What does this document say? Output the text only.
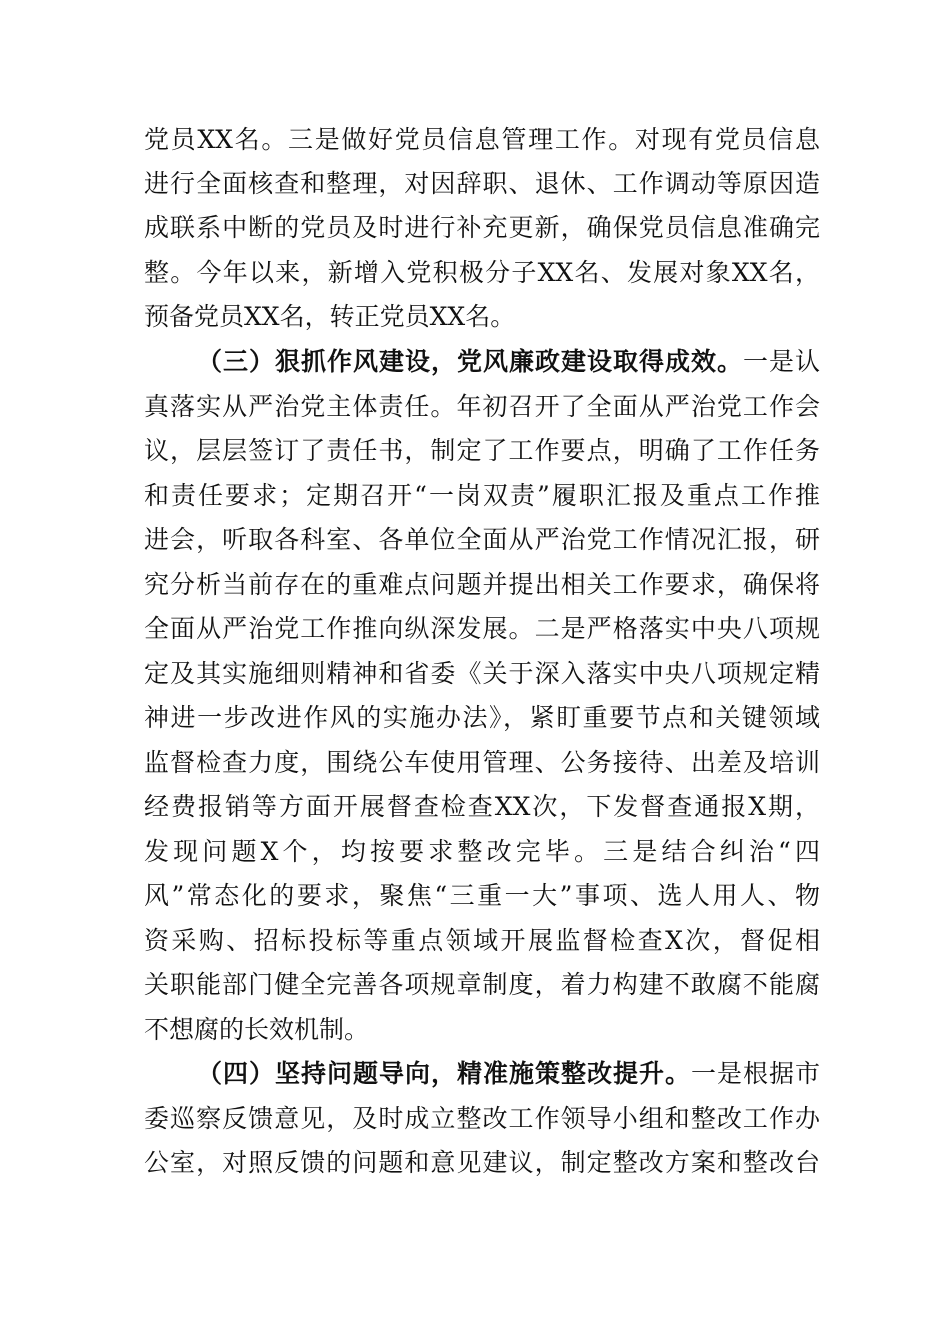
党员XX名。三是做好党员信息管理工作。对现有党员信息
进行全面核查和整理，对因辞职、退休、工作调动等原因造
成联系中断的党员及时进行补充更新，确保党员信息准确完
整。今年以来，新增入党积极分子XX名、发展对象XX名，
预备党员XX名，转正党员XX名。
（三）狠抓作风建设，党风廉政建设取得成效。一是认
真落实从严治党主体责任。年初召开了全面从严治党工作会
议，层层签订了责任书，制定了工作要点，明确了工作任务
和责任要求；定期召开“一岗双责”履职汇报及重点工作推
进会，听取各科室、各单位全面从严治党工作情况汇报，研
究分析当前存在的重难点问题并提出相关工作要求，确保将
全面从严治党工作推向纵深发展。二是严格落实中央八项规
定及其实施细则精神和省委《关于深入落实中央八项规定精
神进一步改进作风的实施办法》，紧盯重要节点和关键领域
监督检查力度，围绕公车使用管理、公务接待、出差及培训
经费报销等方面开展督查检查XX次，下发督查通报X期，
发现问题X个，均按要求整改完毕。三是结合纠治“四
风”常态化的要求，聚焦“三重一大”事项、选人用人、物
资采购、招标投标等重点领域开展监督检查X次，督促相
关职能部门健全完善各项规章制度，着力构建不敢腐不能腐
不想腐的长效机制。
（四）坚持问题导向，精准施策整改提升。一是根据市
委巡察反馈意见，及时成立整改工作领导小组和整改工作办
公室，对照反馈的问题和意见建议，制定整改方案和整改台
